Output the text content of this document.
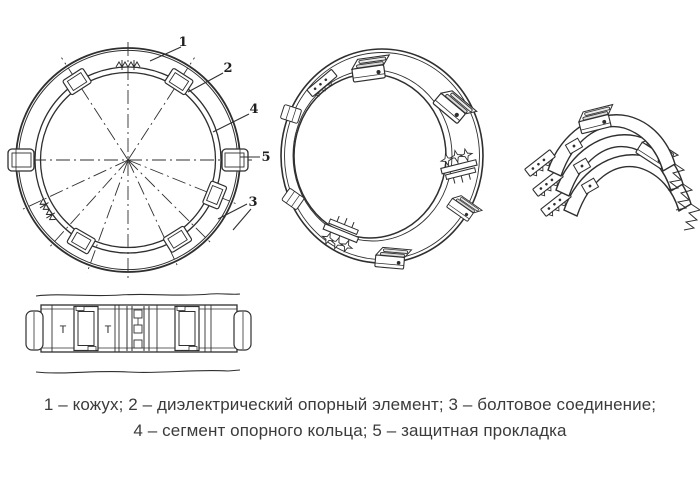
1
2
4
5
3
Т	Т
1 – кожух; 2 – диэлектрический опорный элемент; 3 – болтовое соединение;
4 – сегмент опорного кольца; 5 – защитная прокладка
